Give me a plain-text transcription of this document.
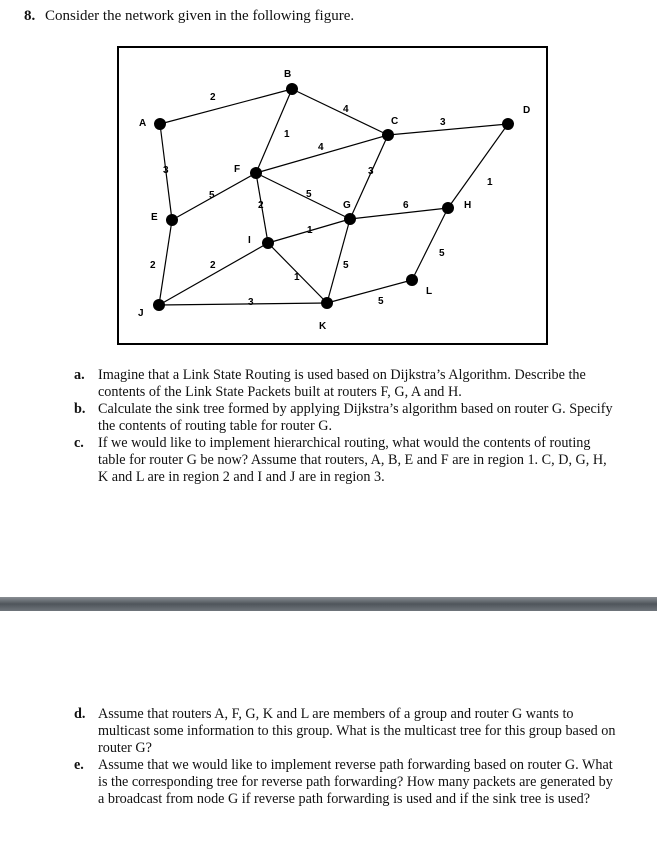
8. Consider the network given in the following figure.
A
B
C
D
E
F
G	H
I
J
K
L
2
3
5
2	2
3
1
1
4
4
5
2
1
3
3
6
1
5
5
5
a. Imagine that a Link State Routing is used based on Dijkstra’s Algorithm. Describe the contents of the Link State Packets built at routers F, G, A and H.
b. Calculate the sink tree formed by applying Dijkstra’s algorithm based on router G. Specify the contents of routing table for router G.
c. If we would like to implement hierarchical routing, what would the contents of routing table for router G be now? Assume that routers, A, B, E and F are in region 1. C, D, G, H, K and L are in region 2 and I and J are in region 3.
d. Assume that routers A, F, G, K and L are members of a group and router G wants to multicast some information to this group. What is the multicast tree for this group based on router G?
e. Assume that we would like to implement reverse path forwarding based on router G. What is the corresponding tree for reverse path forwarding? How many packets are generated by a broadcast from node G if reverse path forwarding is used and if the sink tree is used?
